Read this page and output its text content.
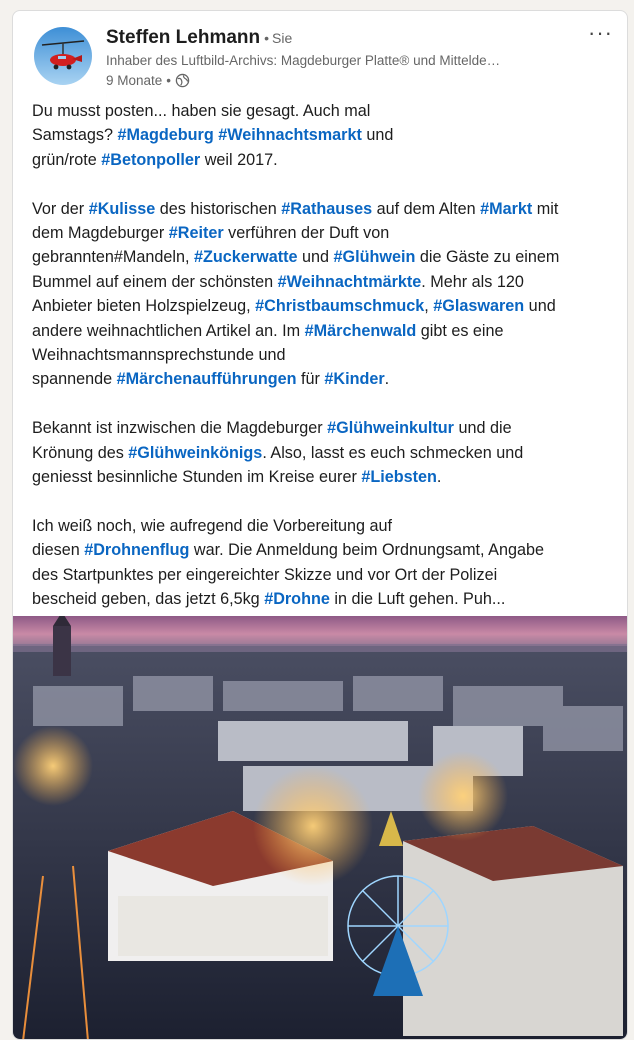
Steffen Lehmann • Sie
Inhaber des Luftbild-Archivs: Magdeburger Platte® und Mittelde…
9 Monate •
···

Du musst posten... haben sie gesagt. Auch mal
Samstags? #Magdeburg #Weihnachtsmarkt und
grün/rote #Betonpoller weil 2017.

Vor der #Kulisse des historischen #Rathauses auf dem Alten #Markt mit
dem Magdeburger #Reiter verführen der Duft von
gebrannten#Mandeln, #Zuckerwatte und #Glühwein die Gäste zu einem
Bummel auf einem der schönsten #Weihnachtmärkte. Mehr als 120
Anbieter bieten Holzspielzeug, #Christbaumschmuck, #Glaswaren und
andere weihnachtlichen Artikel an. Im #Märchenwald gibt es eine
Weihnachtsmannsprechstunde und
spannende #Märchenaufführungen für #Kinder.

Bekannt ist inzwischen die Magdeburger #Glühweinkultur und die
Krönung des #Glühweinkönigs. Also, lasst es euch schmecken und
geniesst besinnliche Stunden im Kreise eurer #Liebsten.

Ich weiß noch, wie aufregend die Vorbereitung auf
diesen #Drohnenflug war. Die Anmeldung beim Ordnungsamt, Angabe
des Startpunktes per eingereichter Skizze und vor Ort der Polizei
bescheid geben, das jetzt 6,5kg #Drohne in die Luft gehen. Puh...
